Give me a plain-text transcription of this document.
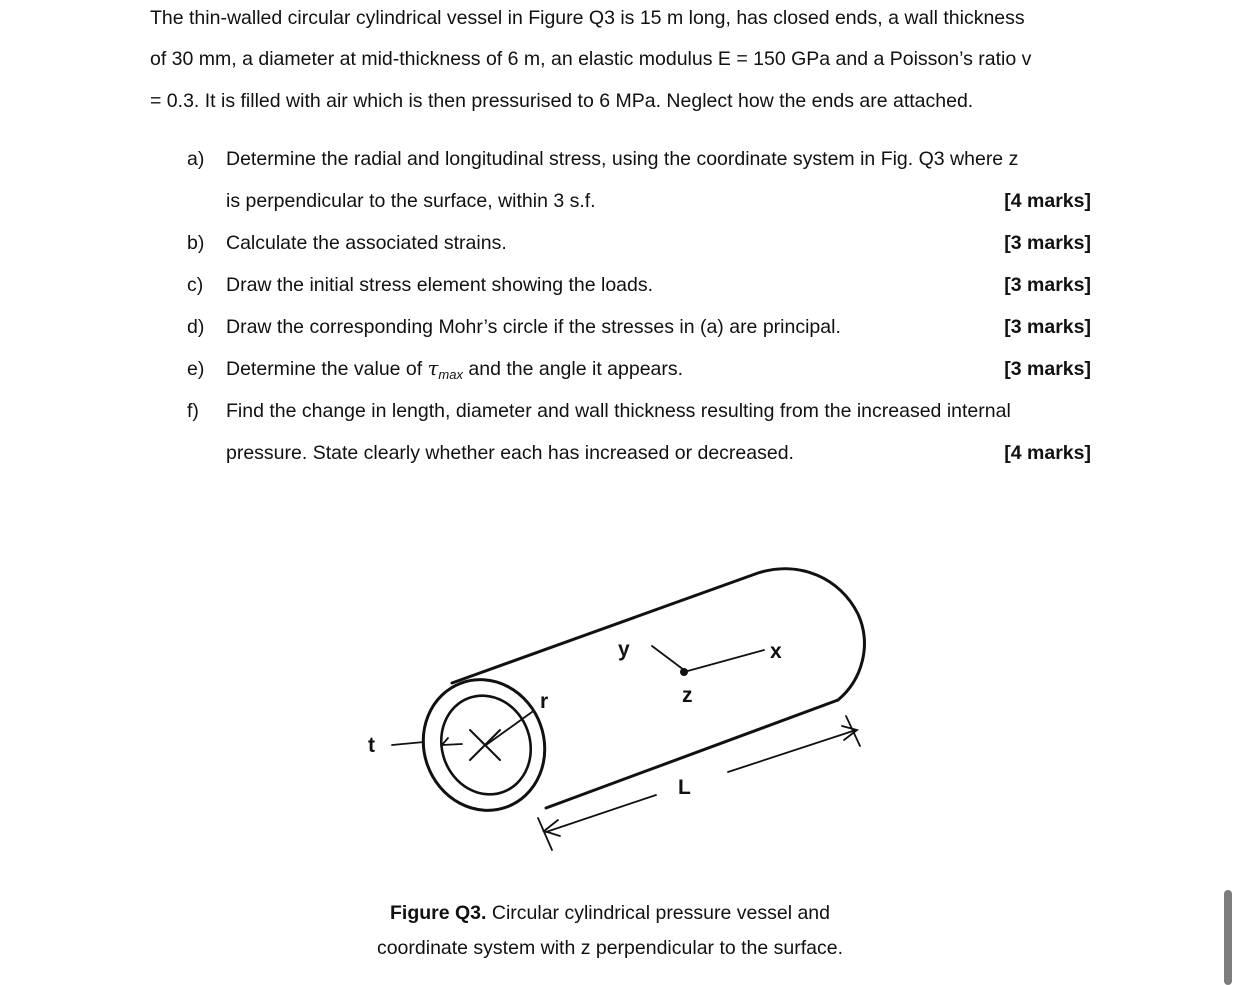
The thin-walled circular cylindrical vessel in Figure Q3 is 15 m long, has closed ends, a wall thickness
of 30 mm, a diameter at mid-thickness of 6 m, an elastic modulus E = 150 GPa and a Poisson’s ratio v
= 0.3. It is filled with air which is then pressurised to 6 MPa. Neglect how the ends are attached.
a) Determine the radial and longitudinal stress, using the coordinate system in Fig. Q3 where z
is perpendicular to the surface, within 3 s.f.	[4 marks]
b) Calculate the associated strains.	[3 marks]
c) Draw the initial stress element showing the loads.	[3 marks]
d) Draw the corresponding Mohr’s circle if the stresses in (a) are principal.	[3 marks]
e) Determine the value of $\tau_{max}$ and the angle it appears.	[3 marks]
f) Find the change in length, diameter and wall thickness resulting from the increased internal
pressure. State clearly whether each has increased or decreased.	[4 marks]
y	x
z
r
t
L
Figure Q3. Circular cylindrical pressure vessel and
coordinate system with z perpendicular to the surface.
